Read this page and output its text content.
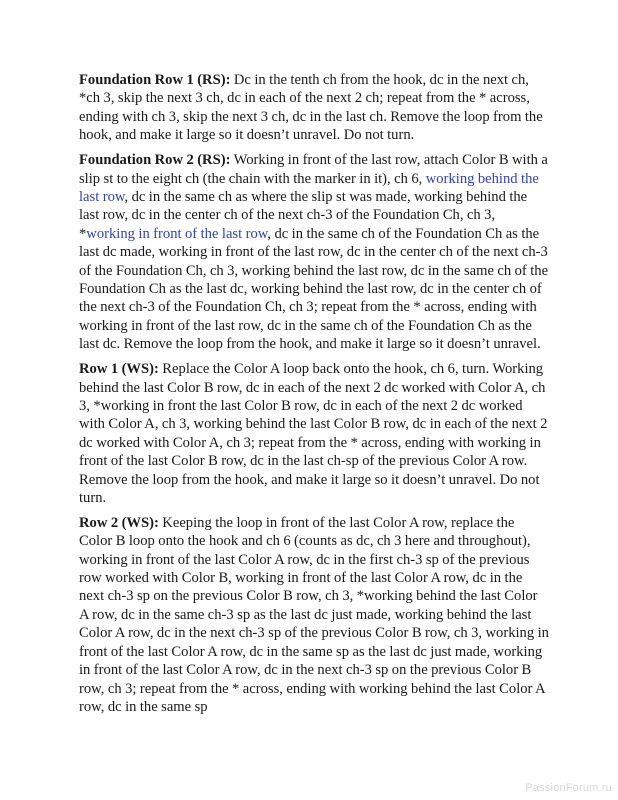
Foundation Row 1 (RS): Dc in the tenth ch from the hook, dc in the next ch, *ch 3, skip the next 3 ch, dc in each of the next 2 ch; repeat from the * across, ending with ch 3, skip the next 3 ch, dc in the last ch. Remove the loop from the hook, and make it large so it doesn’t unravel. Do not turn.

Foundation Row 2 (RS): Working in front of the last row, attach Color B with a slip st to the eight ch (the chain with the marker in it), ch 6, working behind the last row, dc in the same ch as where the slip st was made, working behind the last row, dc in the center ch of the next ch-3 of the Foundation Ch, ch 3, *working in front of the last row, dc in the same ch of the Foundation Ch as the last dc made, working in front of the last row, dc in the center ch of the next ch-3 of the Foundation Ch, ch 3, working behind the last row, dc in the same ch of the Foundation Ch as the last dc, working behind the last row, dc in the center ch of the next ch-3 of the Foundation Ch, ch 3; repeat from the * across, ending with working in front of the last row, dc in the same ch of the Foundation Ch as the last dc. Remove the loop from the hook, and make it large so it doesn’t unravel.

Row 1 (WS): Replace the Color A loop back onto the hook, ch 6, turn. Working behind the last Color B row, dc in each of the next 2 dc worked with Color A, ch 3, *working in front the last Color B row, dc in each of the next 2 dc worked with Color A, ch 3, working behind the last Color B row, dc in each of the next 2 dc worked with Color A, ch 3; repeat from the * across, ending with working in front of the last Color B row, dc in the last ch-sp of the previous Color A row. Remove the loop from the hook, and make it large so it doesn’t unravel. Do not turn.

Row 2 (WS): Keeping the loop in front of the last Color A row, replace the Color B loop onto the hook and ch 6 (counts as dc, ch 3 here and throughout), working in front of the last Color A row, dc in the first ch-3 sp of the previous row worked with Color B, working in front of the last Color A row, dc in the next ch-3 sp on the previous Color B row, ch 3, *working behind the last Color A row, dc in the same ch-3 sp as the last dc just made, working behind the last Color A row, dc in the next ch-3 sp of the previous Color B row, ch 3, working in front of the last Color A row, dc in the same sp as the last dc just made, working in front of the last Color A row, dc in the next ch-3 sp on the previous Color B row, ch 3; repeat from the * across, ending with working behind the last Color A row, dc in the same sp

PassionForum.ru
